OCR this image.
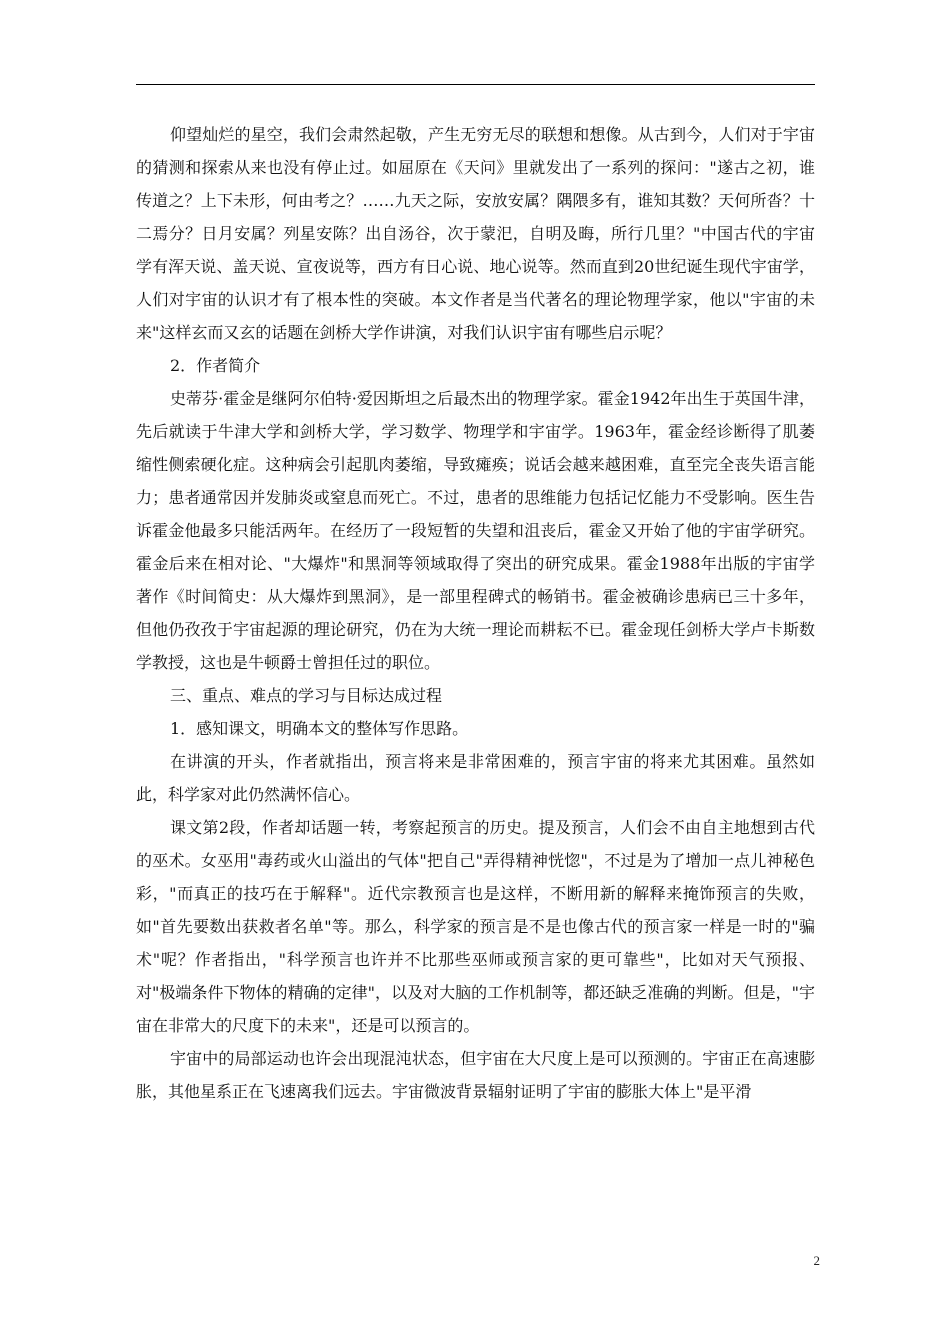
仰望灿烂的星空，我们会肃然起敬，产生无穷无尽的联想和想像。从古到今，人们对于宇宙的猜测和探索从来也没有停止过。如屈原在《天问》里就发出了一系列的探问："遂古之初，谁传道之？上下未形，何由考之？……九天之际，安放安属？隅隈多有，谁知其数？天何所沓？十二焉分？日月安属？列星安陈？出自汤谷，次于蒙汜，自明及晦，所行几里？"中国古代的宇宙学有浑天说、盖天说、宣夜说等，西方有日心说、地心说等。然而直到20世纪诞生现代宇宙学，人们对宇宙的认识才有了根本性的突破。本文作者是当代著名的理论物理学家，他以"宇宙的未来"这样玄而又玄的话题在剑桥大学作讲演，对我们认识宇宙有哪些启示呢？

2．作者简介

史蒂芬·霍金是继阿尔伯特·爱因斯坦之后最杰出的物理学家。霍金1942年出生于英国牛津，先后就读于牛津大学和剑桥大学，学习数学、物理学和宇宙学。1963年，霍金经诊断得了肌萎缩性侧索硬化症。这种病会引起肌肉萎缩，导致瘫痪；说话会越来越困难，直至完全丧失语言能力；患者通常因并发肺炎或窒息而死亡。不过，患者的思维能力包括记忆能力不受影响。医生告诉霍金他最多只能活两年。在经历了一段短暂的失望和沮丧后，霍金又开始了他的宇宙学研究。霍金后来在相对论、"大爆炸"和黑洞等领域取得了突出的研究成果。霍金1988年出版的宇宙学著作《时间简史：从大爆炸到黑洞》，是一部里程碑式的畅销书。霍金被确诊患病已三十多年，但他仍孜孜于宇宙起源的理论研究，仍在为大统一理论而耕耘不已。霍金现任剑桥大学卢卡斯数学教授，这也是牛顿爵士曾担任过的职位。

三、重点、难点的学习与目标达成过程

1．感知课文，明确本文的整体写作思路。

在讲演的开头，作者就指出，预言将来是非常困难的，预言宇宙的将来尤其困难。虽然如此，科学家对此仍然满怀信心。

课文第2段，作者却话题一转，考察起预言的历史。提及预言，人们会不由自主地想到古代的巫术。女巫用"毒药或火山溢出的气体"把自己"弄得精神恍惚"，不过是为了增加一点儿神秘色彩，"而真正的技巧在于解释"。近代宗教预言也是这样，不断用新的解释来掩饰预言的失败，如"首先要数出获救者名单"等。那么，科学家的预言是不是也像古代的预言家一样是一时的"骗术"呢？作者指出，"科学预言也许并不比那些巫师或预言家的更可靠些"，比如对天气预报、对"极端条件下物体的精确的定律"，以及对大脑的工作机制等，都还缺乏准确的判断。但是，"宇宙在非常大的尺度下的未来"，还是可以预言的。

宇宙中的局部运动也许会出现混沌状态，但宇宙在大尺度上是可以预测的。宇宙正在高速膨胀，其他星系正在飞速离我们远去。宇宙微波背景辐射证明了宇宙的膨胀大体上"是平滑

2
